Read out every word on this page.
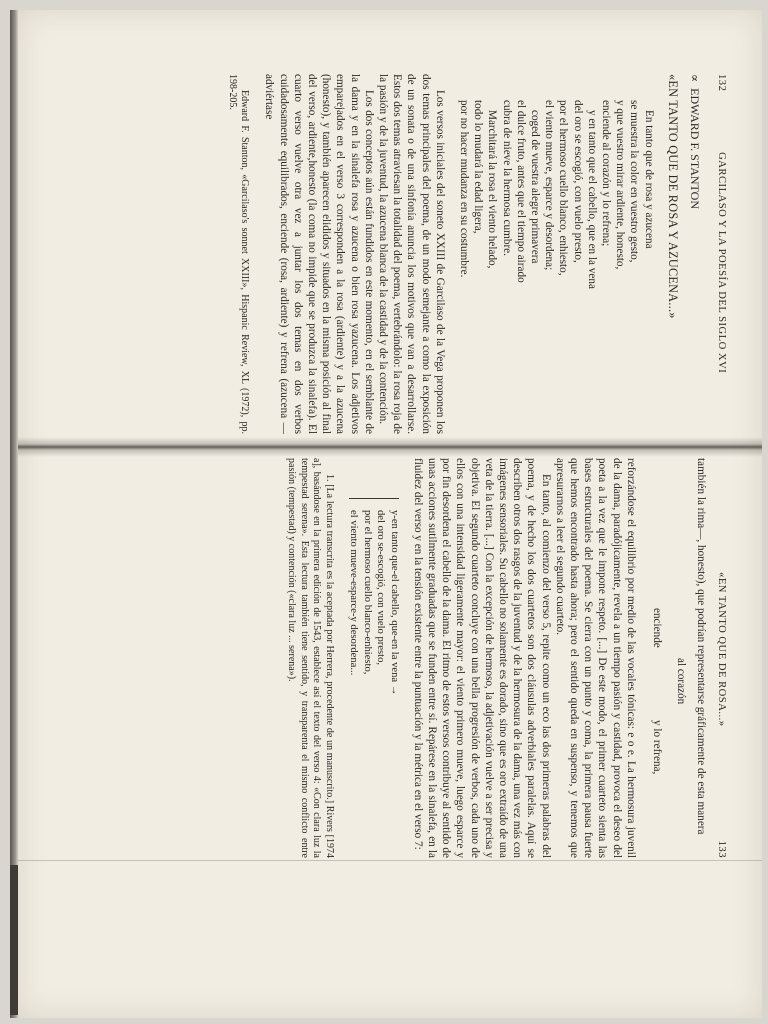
132
GARCILASO Y LA POESÍA DEL SIGLO XVI
∝EDWARD F. STANTON
«EN TANTO QUE DE ROSA Y AZUCENA...»
En tanto que de rosa y azucena
se muestra la color en vuestro gesto,
y que vuestro mirar ardiente, honesto,
enciende al corazón y lo refrena;
y en tanto que el cabello, que en la vena
del oro se escogió, con vuelo presto,
por el hermoso cuello blanco, enhiesto,
el viento mueve, esparce y desordena;
coged de vuestra alegre primavera
el dulce fruto, antes que el tiempo airado
cubra de nieve la hermosa cumbre.
Marchitará la rosa el viento helado,
todo lo mudará la edad ligera,
por no hacer mudanza en su costumbre.

Los versos iniciales del soneto XXIII de Garcilaso de la Vega proponen los dos temas principales del poema, de un modo semejante a como la exposición de un sonata o de una sinfonía anuncia los motivos que van a desarrollarse. Estos dos temas atraviesan la totalidad del poema, vertebrándolo: la rosa roja de la pasión y de la juventud, la azucena blanca de la castidad y de la contención.

Los dos conceptos aún están fundidos en este momento, en el semblante de la dama y en la sinalefa rosa y azucena o bien rosa yazucena. Los adjetivos emparejados en el verso 3 corresponden a la rosa (ardiente) y a la azucena (honesto), y también aparecen elididos y situados en la misma posición al final del verso, ardiente,honesto (la coma no impide que se produzca la sinalefa). El cuarto verso vuelve otra vez a juntar los dos temas en dos verbos cuidadosamente equilibrados, enciende (rosa, ardiente) y refrena (azucena —adviértase

Edward F. Stanton, «Garcilaso's sonnet XXIII», Hispanic Review, XL (1972), pp. 198-205.

«EN TANTO QUE DE ROSA...»
133

también la rima—, honesto), que podrían representarse gráficamente de esta manera

enciende
al corazón
y lo refrena,

reforzándose el equilibrio por medio de las vocales tónicas: e o e. La hermosura juvenil de la dama, paradójicamente, revela a un tiempo pasión y castidad, provoca el deseo del poeta a la vez que le impone respeto. [...] De este modo, el primer cuarteto sienta las bases estructurales del poema. Se cierra con un punto y coma, la primera pausa fuerte que hemos encontrado hasta ahora; pero el sentido queda en suspenso, y tenemos que apresurarnos a leer el segundo cuarteto.

En tanto, al comienzo del verso 5, repite como un eco las dos primeras palabras del poema, y de hecho los dos cuartetos son dos cláusulas adverbiales paralelas. Aquí se describen otros dos rasgos de la juventud y de la hermosura de la dama, una vez más con imágenes sensoriales. Su cabello no solamente es dorado, sino que es oro extraído de una veta de la tierra. [...] Con la excepción de hermoso, la adjetivación vuelve a ser precisa y objetiva. El segundo cuarteto concluye con una bella progresión de verbos, cada uno de ellos con una intensidad ligeramente mayor: el viento primero mueve, luego esparce y por fin desordena el cabello de la dama. El ritmo de estos versos contribuye al sentido de unas acciones sutilmente graduadas que se funden entre sí. Repárese en la sinalefa, en la fluidez del verso y en la tensión existente entre la puntuación y la métrica en el verso 7:

y-en tanto que-el cabello, que-en la vena →
del oro se-escogió, con vuelo presto,
por el hermoso cuello blanco-enhiesto,
el viento mueve-esparce-y desordena...

1. [La lectura transcrita es la aceptada por Herrera, procedente de un manuscrito.] Rivers [1974 a], basándose en la primera edición de 1543, establece así el texto del verso 4: «Con clara luz la tempestad serena». Esta lectura también tiene sentido, y transparenta el mismo conflicto entre pasión (tempestad) y contención («clara luz ... serena»).
